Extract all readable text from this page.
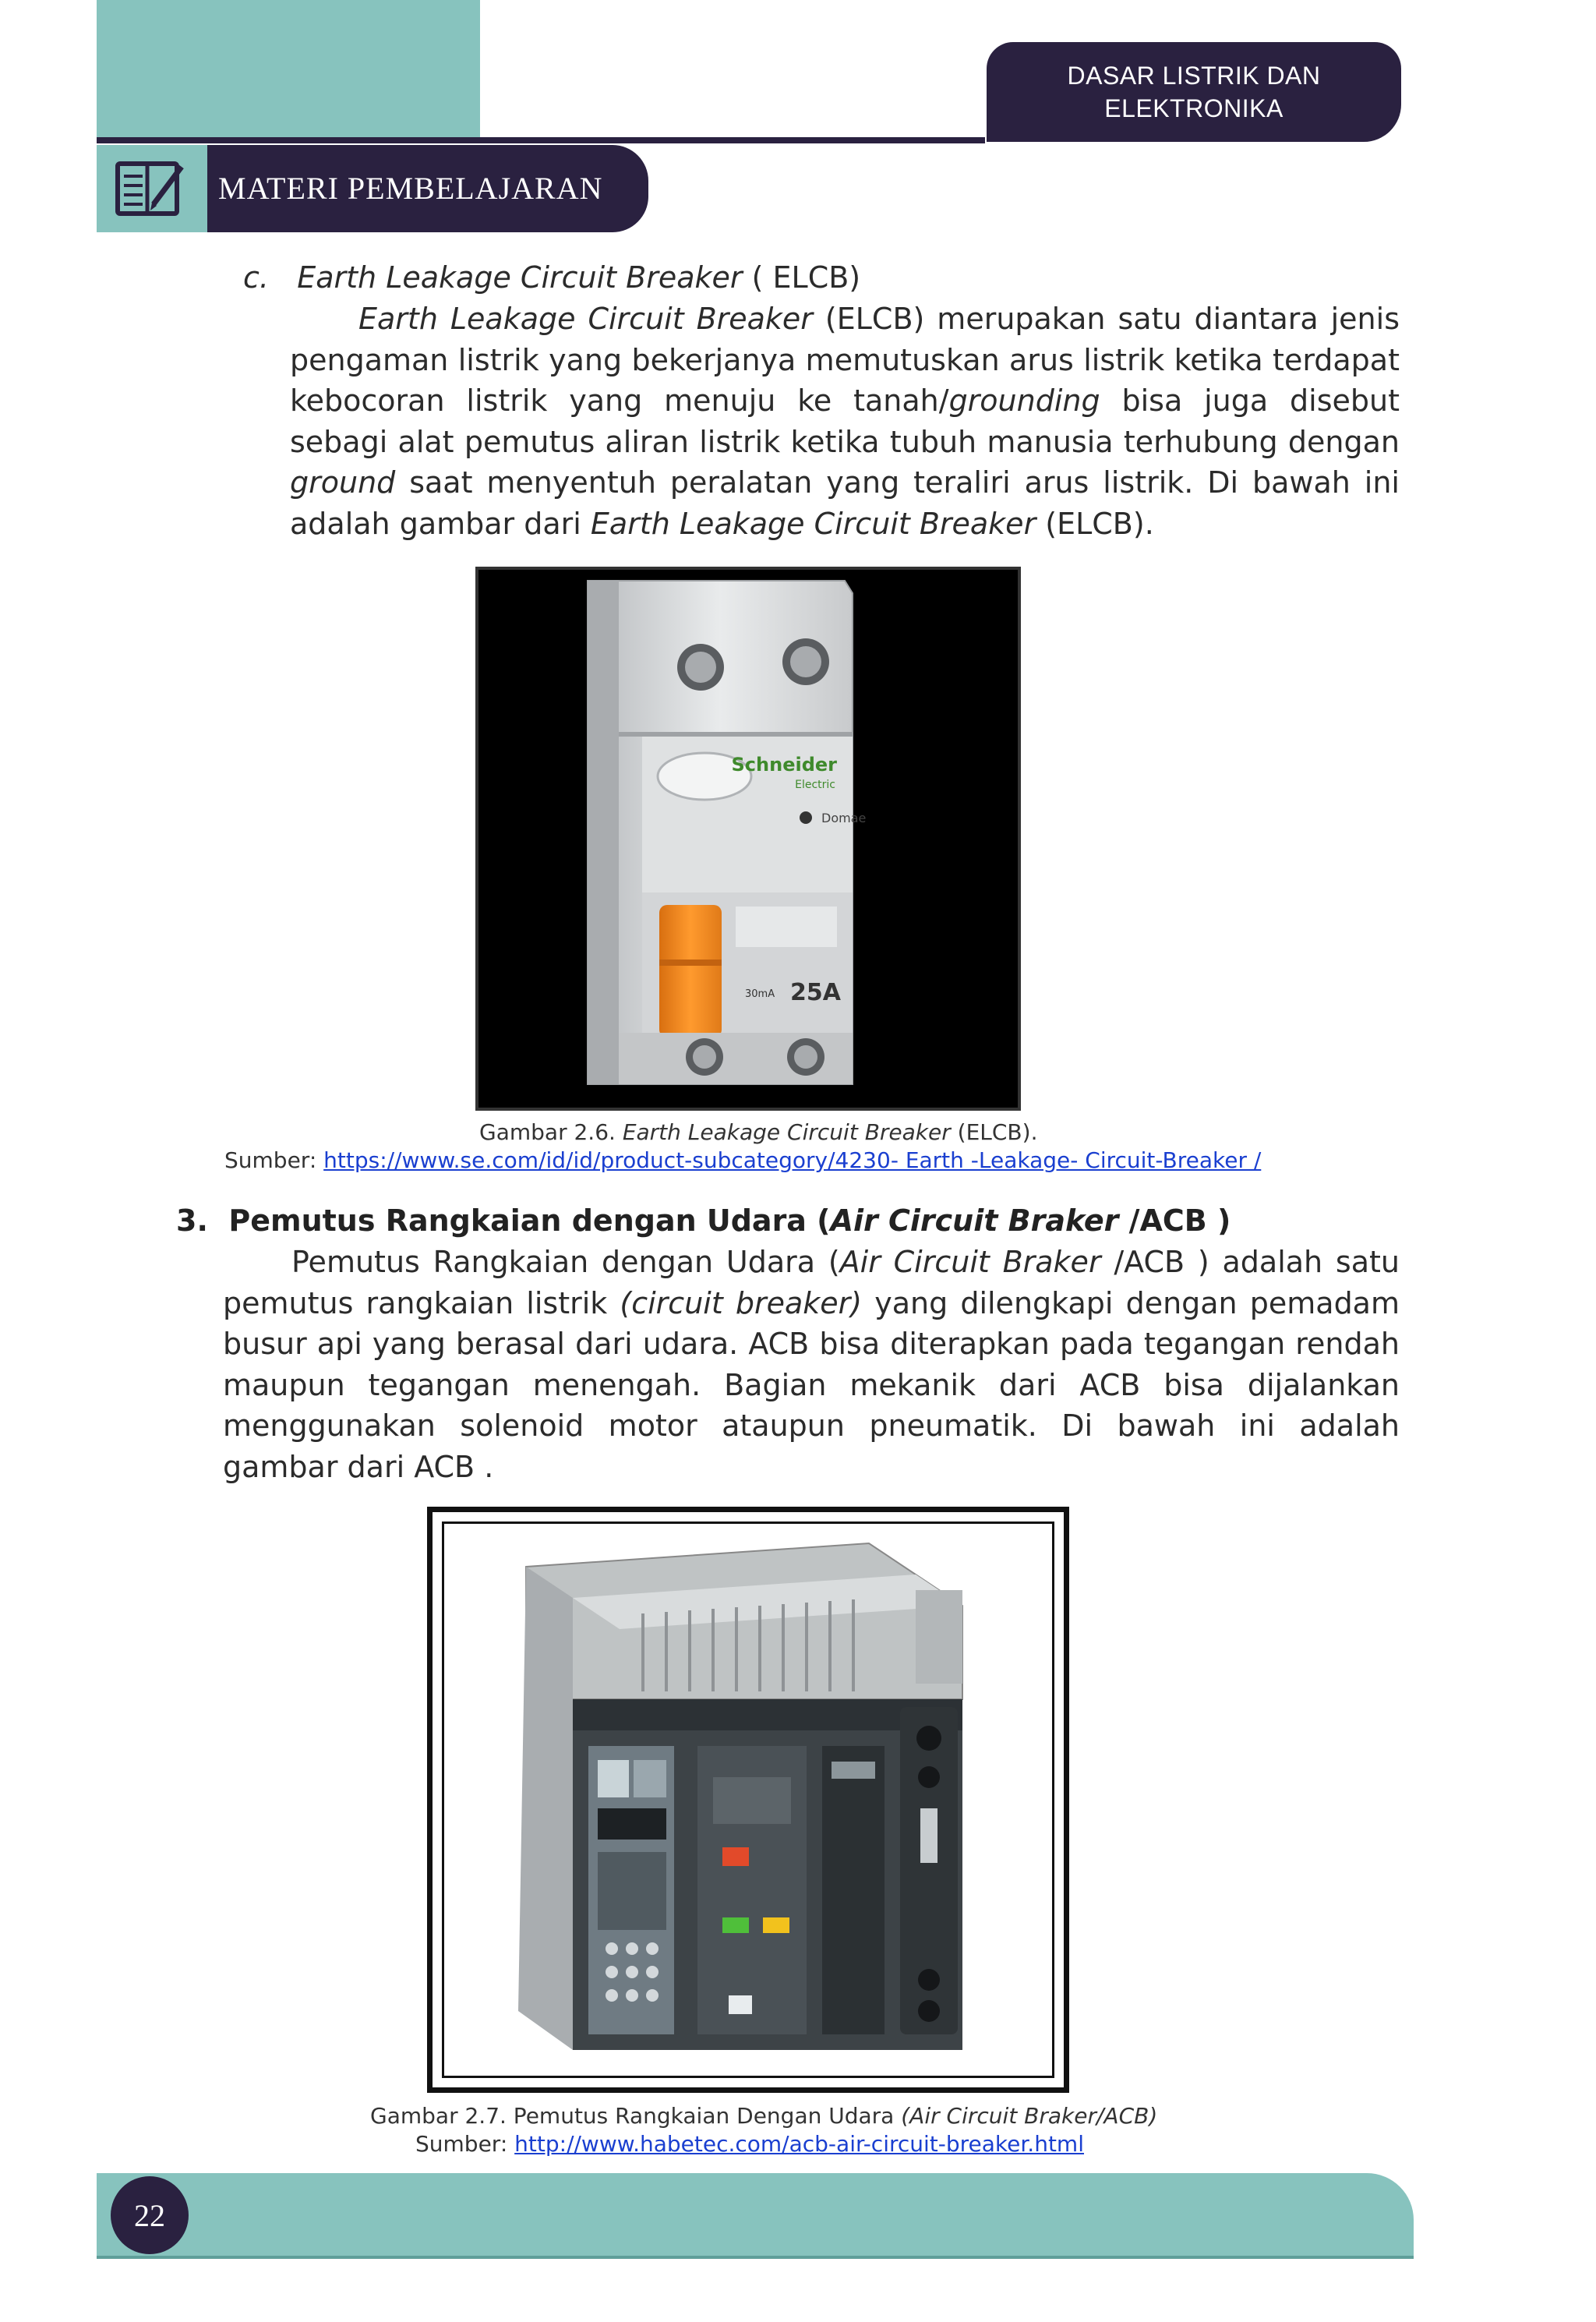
DASAR LISTRIK DAN
ELEKTRONIKA
MATERI PEMBELAJARAN
c. Earth Leakage Circuit Breaker ( ELCB)
Earth Leakage Circuit Breaker (ELCB) merupakan satu diantara jenis
pengaman listrik yang bekerjanya memutuskan arus listrik ketika terdapat
kebocoran listrik yang menuju ke tanah/grounding bisa juga disebut
sebagi alat pemutus aliran listrik ketika tubuh manusia terhubung dengan
ground saat menyentuh peralatan yang teraliri arus listrik. Di bawah ini
adalah gambar dari Earth Leakage Circuit Breaker (ELCB).
Schneider
Electric
Domae
30mA 25A
Gambar 2.6. Earth Leakage Circuit Breaker (ELCB).
Sumber: https://www.se.com/id/id/product-subcategory/4230- Earth -Leakage- Circuit-Breaker /
3. Pemutus Rangkaian dengan Udara (Air Circuit Braker /ACB )
Pemutus Rangkaian dengan Udara (Air Circuit Braker /ACB ) adalah satu
pemutus rangkaian listrik (circuit breaker) yang dilengkapi dengan pemadam
busur api yang berasal dari udara. ACB bisa diterapkan pada tegangan rendah
maupun tegangan menengah. Bagian mekanik dari ACB bisa dijalankan
menggunakan solenoid motor ataupun pneumatik. Di bawah ini adalah
gambar dari ACB .
Gambar 2.7. Pemutus Rangkaian Dengan Udara (Air Circuit Braker/ACB)
Sumber: http://www.habetec.com/acb-air-circuit-breaker.html
22
